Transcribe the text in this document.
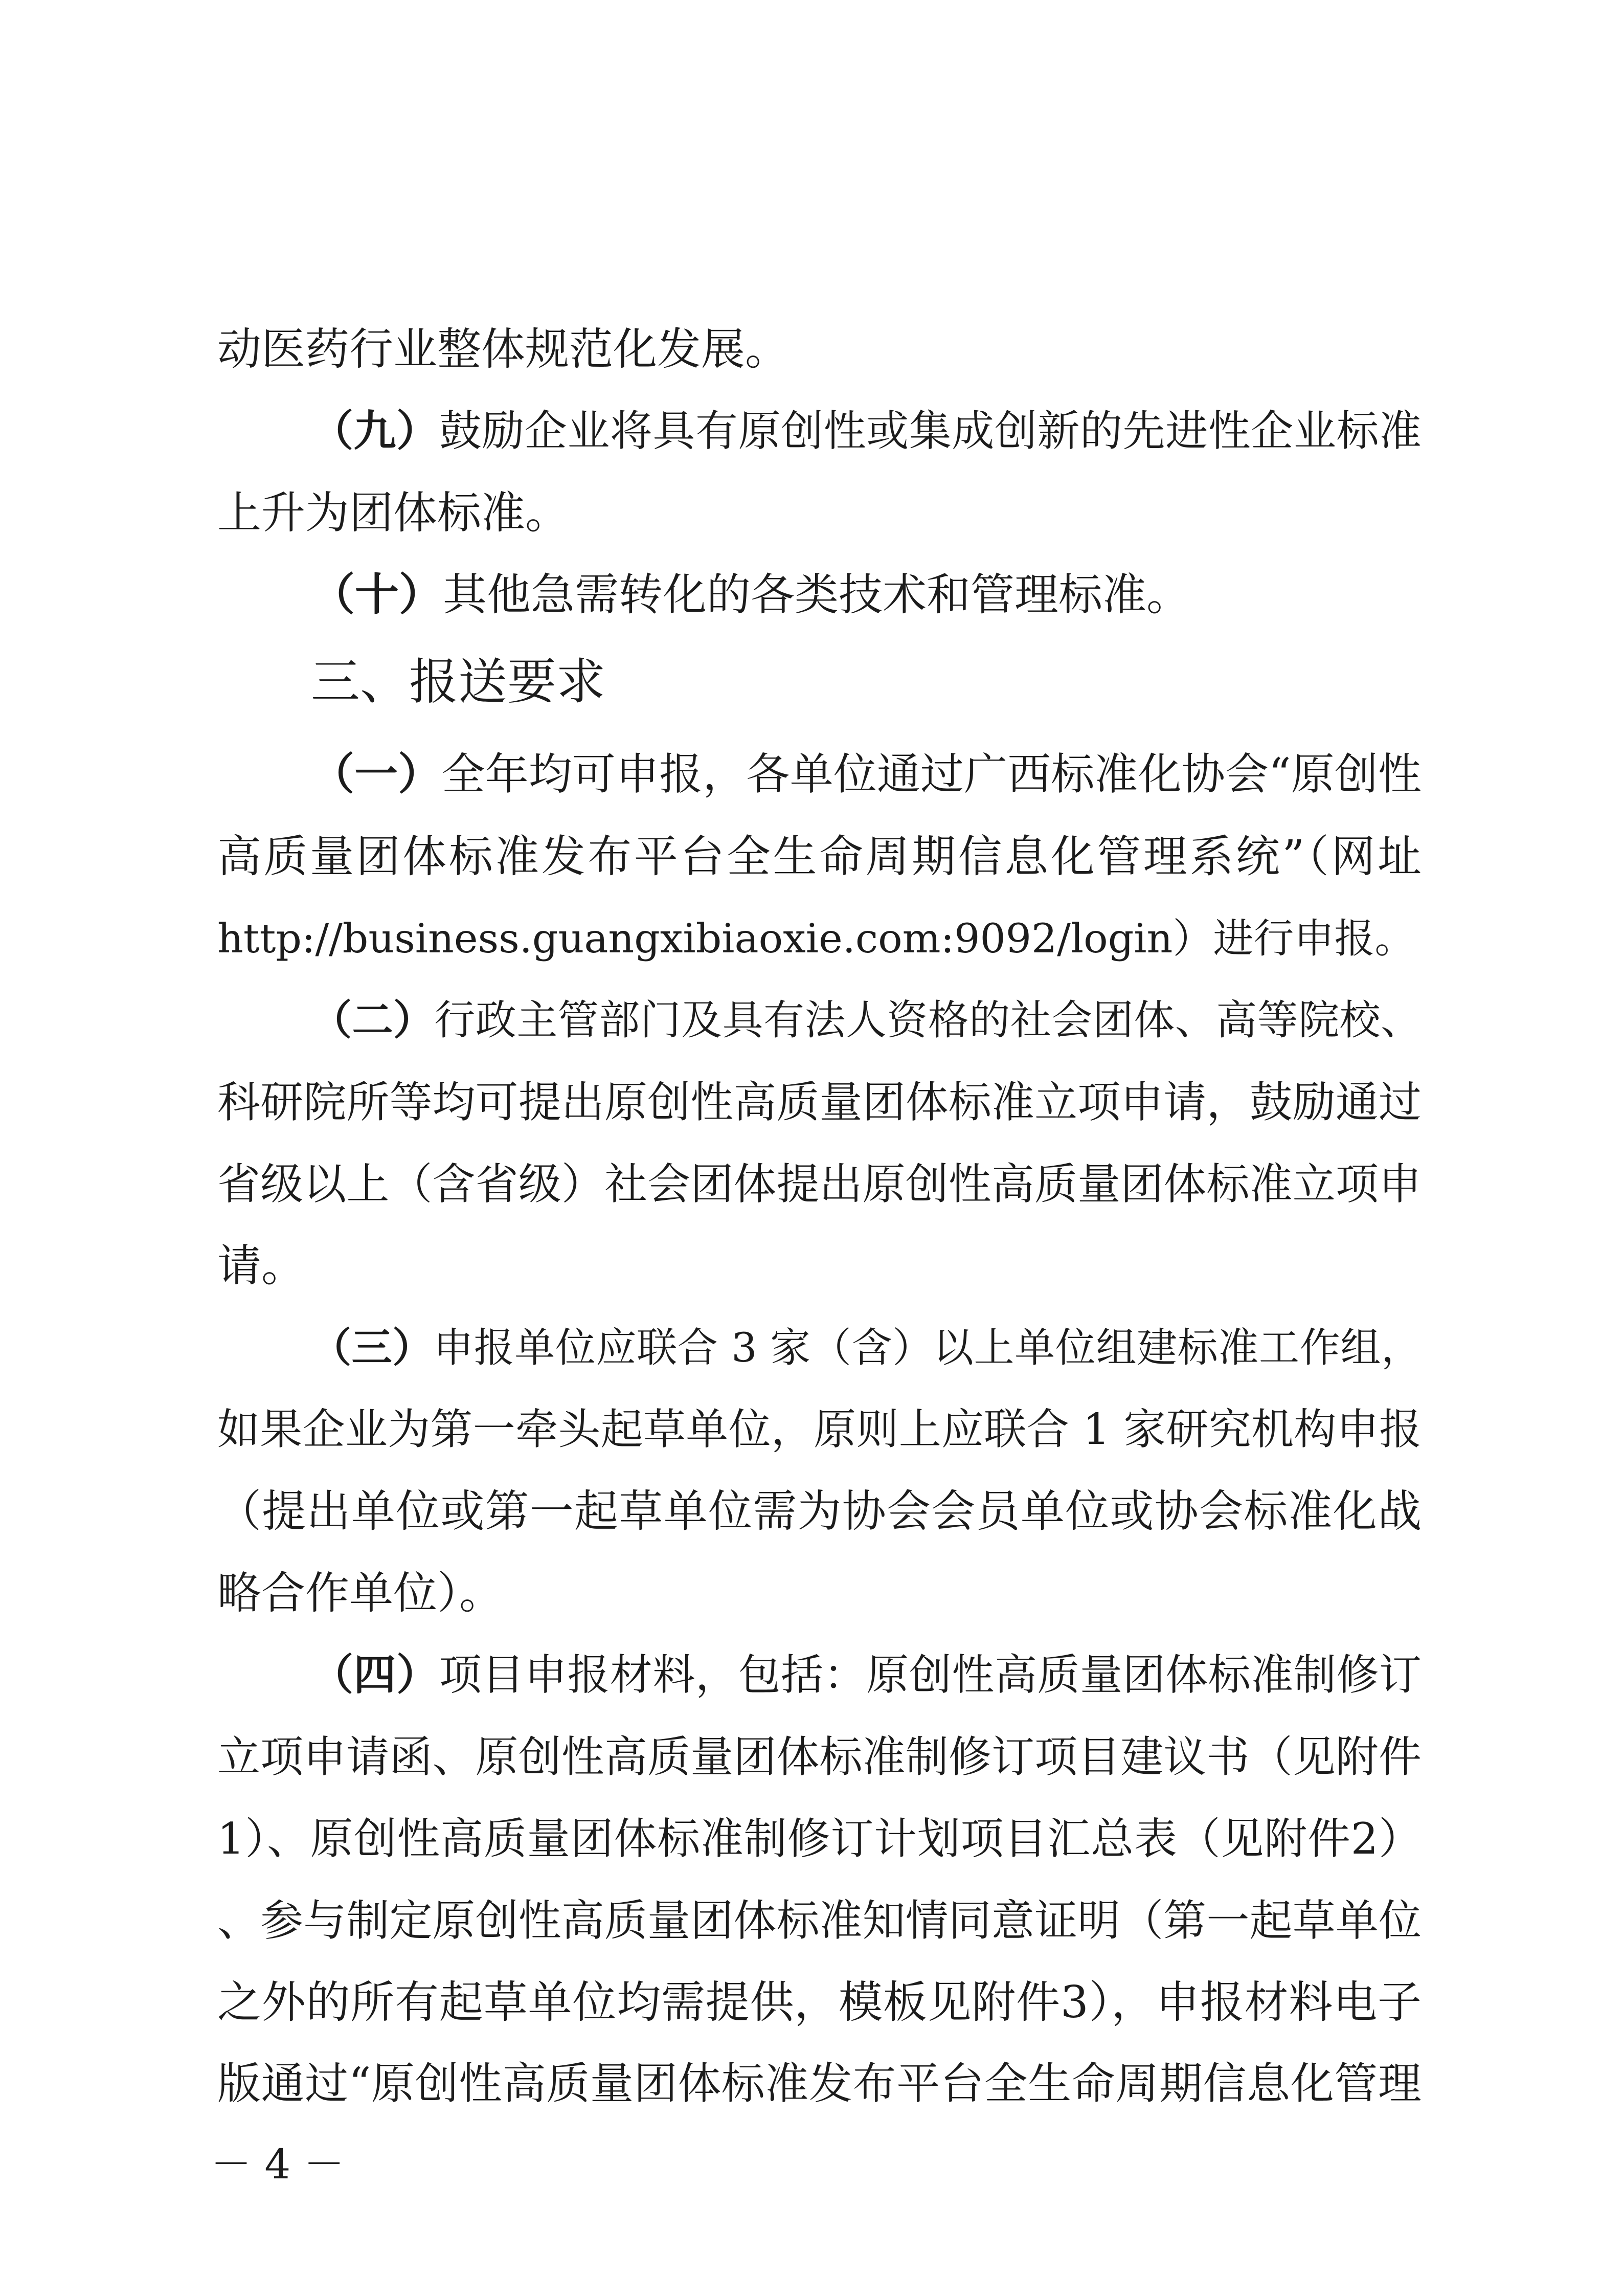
动医药行业整体规范化发展。
（九）鼓励企业将具有原创性或集成创新的先进性企业标准
上升为团体标准。
（十）其他急需转化的各类技术和管理标准。
三、报送要求
（一）全年均可申报，各单位通过广西标准化协会“原创性
高质量团体标准发布平台全生命周期信息化管理系统”（网址
http://business.guangxibiaoxie.com:9092/login）进行申报。
（二）行政主管部门及具有法人资格的社会团体、高等院校、
科研院所等均可提出原创性高质量团体标准立项申请，鼓励通过
省级以上（含省级）社会团体提出原创性高质量团体标准立项申
请。
（三）申报单位应联合 3 家（含）以上单位组建标准工作组，
如果企业为第一牵头起草单位，原则上应联合 1 家研究机构申报
（提出单位或第一起草单位需为协会会员单位或协会标准化战
略合作单位）。
（四）项目申报材料，包括：原创性高质量团体标准制修订
立项申请函、原创性高质量团体标准制修订项目建议书（见附件
1）、原创性高质量团体标准制修订计划项目汇总表（见附件2）
、参与制定原创性高质量团体标准知情同意证明（第一起草单位
之外的所有起草单位均需提供，模板见附件3），申报材料电子
版通过“原创性高质量团体标准发布平台全生命周期信息化管理
－ 4 －
